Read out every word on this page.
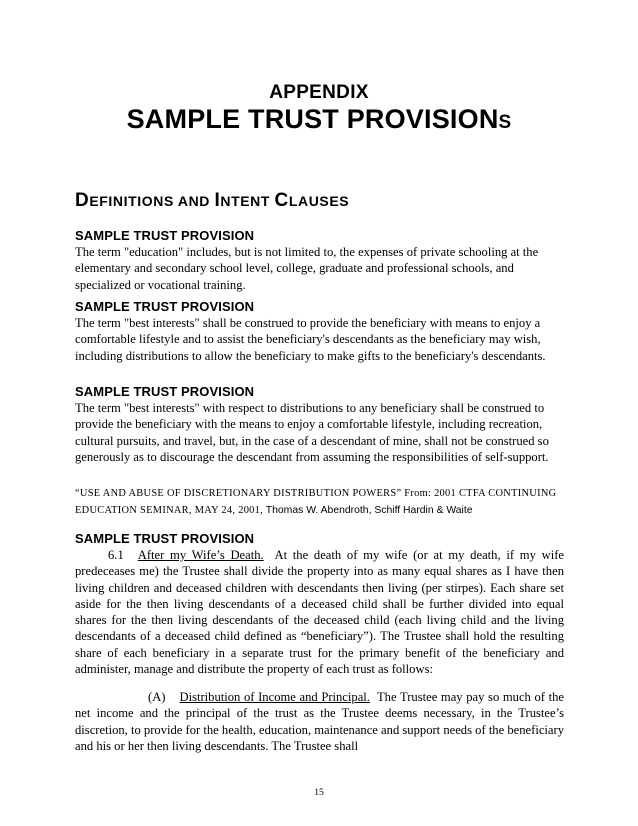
APPENDIX
SAMPLE TRUST PROVISIONS
DEFINITIONS AND INTENT CLAUSES
SAMPLE TRUST PROVISION
The term "education" includes, but is not limited to, the expenses of private schooling at the elementary and secondary school level, college, graduate and professional schools, and specialized or vocational training.
SAMPLE TRUST PROVISION
The term "best interests" shall be construed to provide the beneficiary with means to enjoy a comfortable lifestyle and to assist the beneficiary's descendants as the beneficiary may wish, including distributions to allow the beneficiary to make gifts to the beneficiary's descendants.
SAMPLE TRUST PROVISION
The term "best interests" with respect to distributions to any beneficiary shall be construed to provide the beneficiary with the means to enjoy a comfortable lifestyle, including recreation, cultural pursuits, and travel, but, in the case of a descendant of mine, shall not be construed so generously as to discourage the descendant from assuming the responsibilities of self-support.
“USE AND ABUSE OF DISCRETIONARY DISTRIBUTION POWERS” From: 2001 CTFA CONTINUING EDUCATION SEMINAR, MAY 24, 2001, Thomas W. Abendroth, Schiff Hardin & Waite
SAMPLE TRUST PROVISION
6.1 After my Wife’s Death. At the death of my wife (or at my death, if my wife predeceases me) the Trustee shall divide the property into as many equal shares as I have then living children and deceased children with descendants then living (per stirpes). Each share set aside for the then living descendants of a deceased child shall be further divided into equal shares for the then living descendants of the deceased child (each living child and the living descendants of a deceased child defined as “beneficiary”). The Trustee shall hold the resulting share of each beneficiary in a separate trust for the primary benefit of the beneficiary and administer, manage and distribute the property of each trust as follows:
(A) Distribution of Income and Principal. The Trustee may pay so much of the net income and the principal of the trust as the Trustee deems necessary, in the Trustee’s discretion, to provide for the health, education, maintenance and support needs of the beneficiary and his or her then living descendants. The Trustee shall
15
